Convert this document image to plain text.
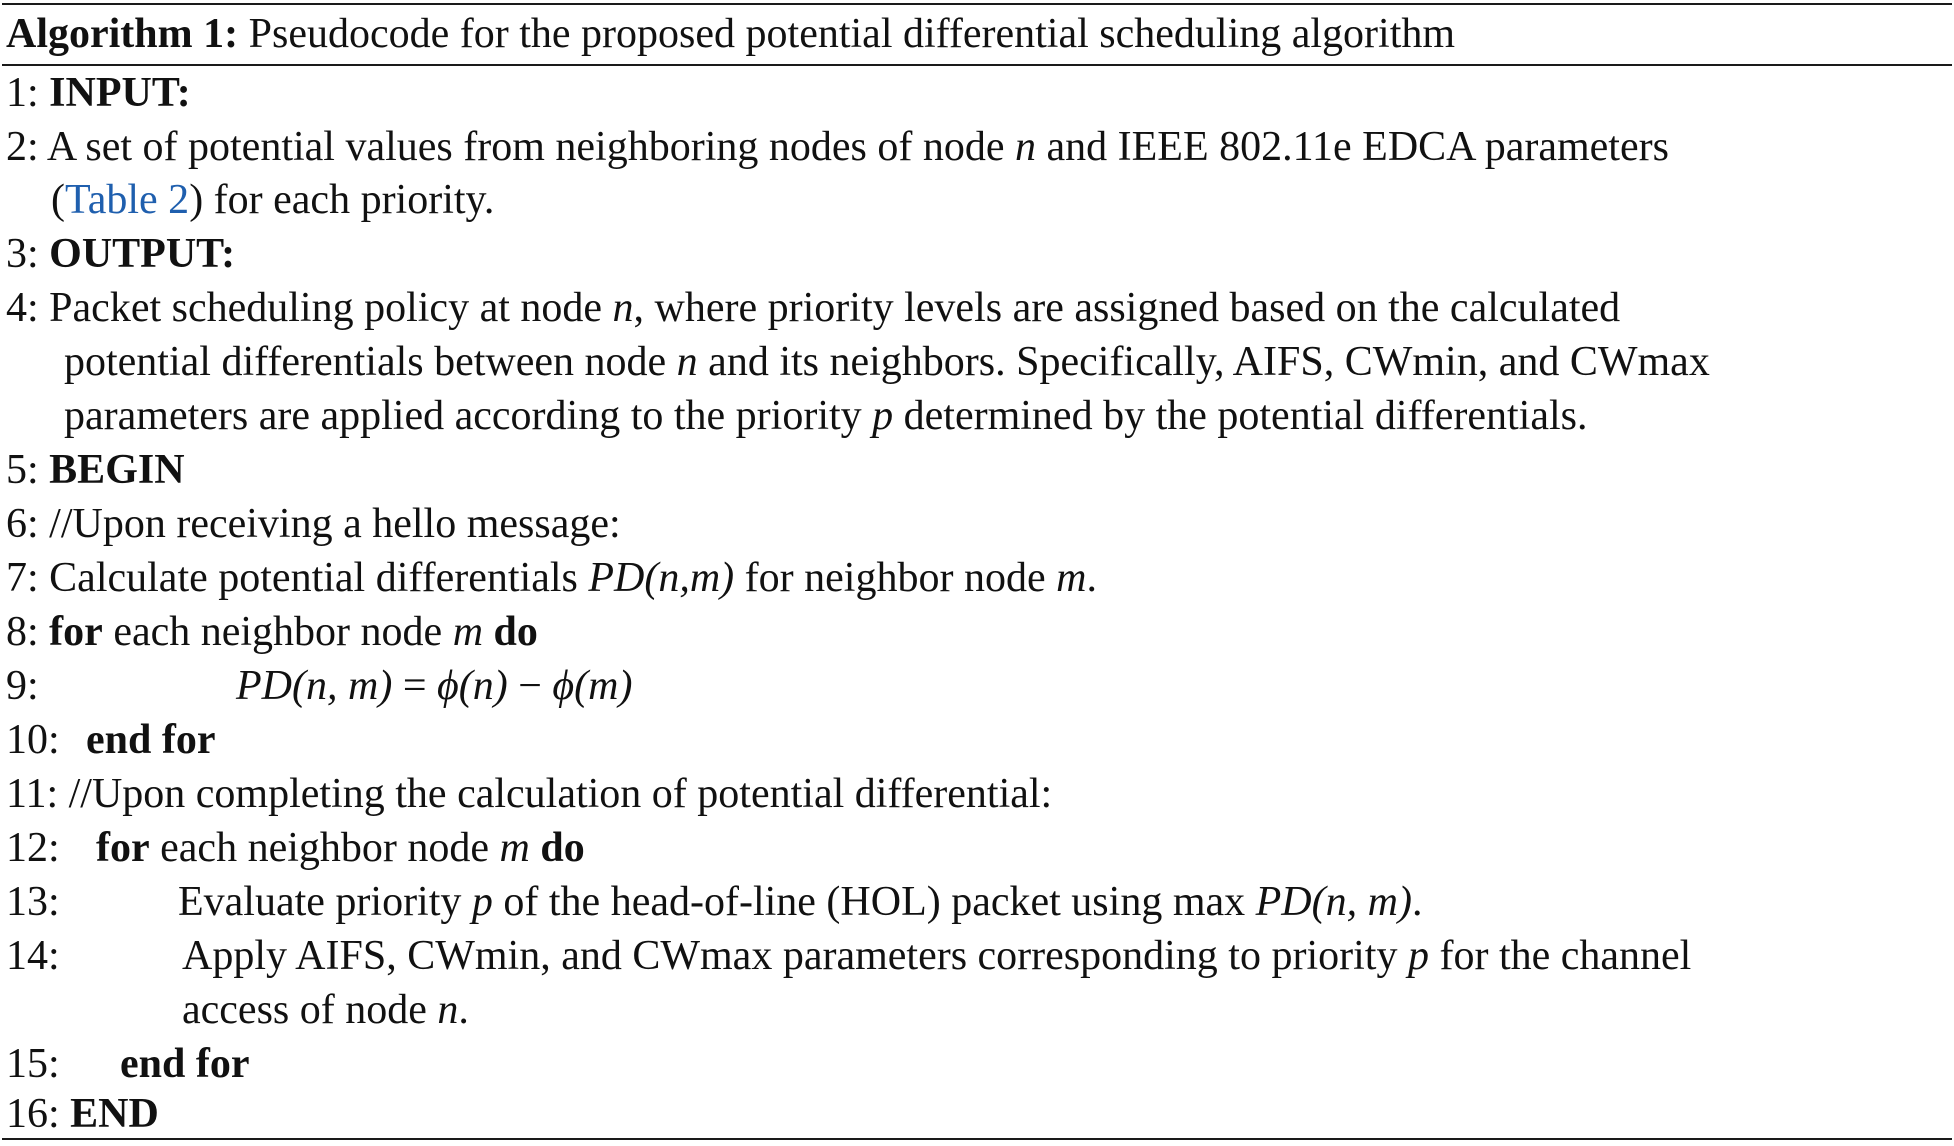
Algorithm 1: Pseudocode for the proposed potential differential scheduling algorithm
1: INPUT:
2: A set of potential values from neighboring nodes of node n and IEEE 802.11e EDCA parameters
(Table 2) for each priority.
3: OUTPUT:
4: Packet scheduling policy at node n, where priority levels are assigned based on the calculated
potential differentials between node n and its neighbors. Specifically, AIFS, CWmin, and CWmax
parameters are applied according to the priority p determined by the potential differentials.
5: BEGIN
6: //Upon receiving a hello message:
7: Calculate potential differentials PD(n,m) for neighbor node m.
8: for each neighbor node m do
9:	PD(n, m) = ϕ(n) − ϕ(m)
10: end for
11: //Upon completing the calculation of potential differential:
12: for each neighbor node m do
13:	Evaluate priority p of the head-of-line (HOL) packet using max PD(n, m).
14:	Apply AIFS, CWmin, and CWmax parameters corresponding to priority p for the channel
access of node n.
15: end for
16: END
